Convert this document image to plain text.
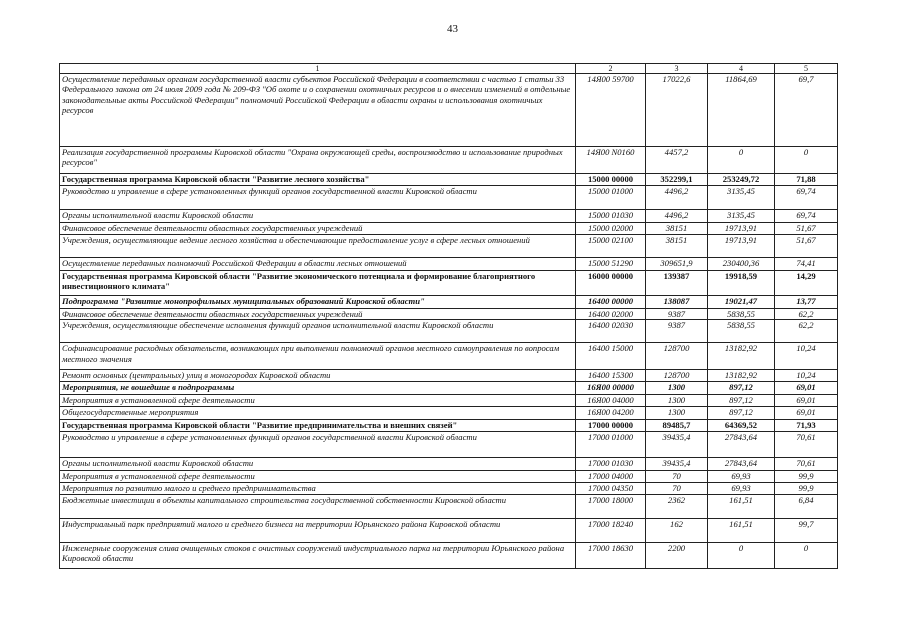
43
1	2	3	4	5
Осуществление переданных органам государственной власти субъектов Российской Федерации в соответствии с частью 1 статьи 33 Федерального закона от 24 июля 2009 года № 209-ФЗ "Об охоте и о сохранении охотничьих ресурсов и о внесении изменений в отдельные законодательные акты Российской Федерации" полномочий Российской Федерации в области охраны и использования охотничьих ресурсов	14Я00 59700	17022,6	11864,69	69,7
Реализация государственной программы Кировской области "Охрана окружающей среды, воспроизводство и использование природных ресурсов"	14Я00 N0160	4457,2	0	0
Государственная программа Кировской области "Развитие лесного хозяйства"	15000 00000	352299,1	253249,72	71,88
Руководство и управление в сфере установленных функций органов государственной власти Кировской области	15000 01000	4496,2	3135,45	69,74
Органы исполнительной власти Кировской области	15000 01030	4496,2	3135,45	69,74
Финансовое обеспечение деятельности областных государственных учреждений	15000 02000	38151	19713,91	51,67
Учреждения, осуществляющие ведение лесного хозяйства и обеспечивающие предоставление услуг в сфере лесных отношений	15000 02100	38151	19713,91	51,67
Осуществление переданных полномочий Российской Федерации в области лесных отношений	15000 51290	309651,9	230400,36	74,41
Государственная программа Кировской области "Развитие экономического потенциала и формирование благоприятного инвестиционного климата"	16000 00000	139387	19918,59	14,29
Подпрограмма "Развитие монопрофильных муниципальных образований Кировской области"	16400 00000	138087	19021,47	13,77
Финансовое обеспечение деятельности областных государственных учреждений	16400 02000	9387	5838,55	62,2
Учреждения, осуществляющие обеспечение исполнения функций органов исполнительной власти Кировской области	16400 02030	9387	5838,55	62,2
Софинансирование расходных обязательств, возникающих при выполнении полномочий органов местного самоуправления по вопросам местного значения	16400 15000	128700	13182,92	10,24
Ремонт основных (центральных) улиц в моногородах Кировской области	16400 15300	128700	13182,92	10,24
Мероприятия, не вошедшие в подпрограммы	16Я00 00000	1300	897,12	69,01
Мероприятия в установленной сфере деятельности	16Я00 04000	1300	897,12	69,01
Общегосударственные мероприятия	16Я00 04200	1300	897,12	69,01
Государственная программа Кировской области "Развитие предпринимательства и внешних связей"	17000 00000	89485,7	64369,52	71,93
Руководство и управление в сфере установленных функций органов государственной власти Кировской области	17000 01000	39435,4	27843,64	70,61
Органы исполнительной власти Кировской области	17000 01030	39435,4	27843,64	70,61
Мероприятия в установленной сфере деятельности	17000 04000	70	69,93	99,9
Мероприятия по развитию малого и среднего предпринимательства	17000 04350	70	69,93	99,9
Бюджетные инвестиции в объекты капитального строительства государственной собственности Кировской области	17000 18000	2362	161,51	6,84
Индустриальный парк предприятий малого и среднего бизнеса на территории Юрьянского района Кировской области	17000 18240	162	161,51	99,7
Инженерные сооружения слива очищенных стоков с очистных сооружений индустриального парка на территории Юрьянского района Кировской области	17000 18630	2200	0	0
